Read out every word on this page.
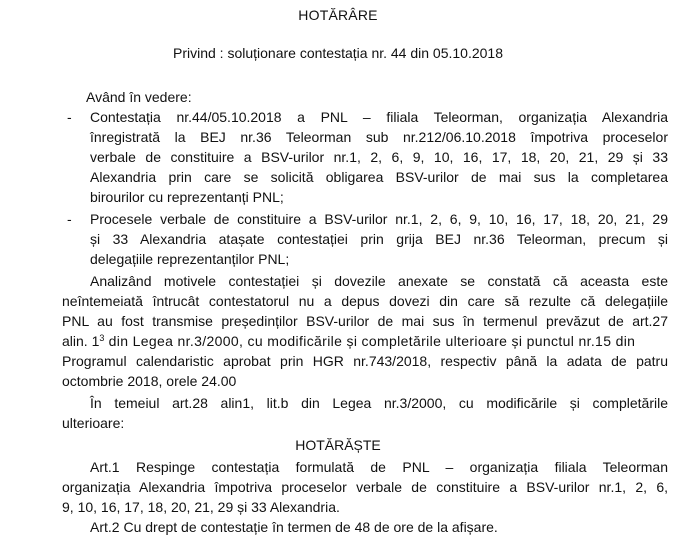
HOTĂRÂRE
Privind : soluționare contestația nr. 44 din 05.10.2018
Având în vedere:
- Contestația nr.44/05.10.2018 a PNL – filiala Teleorman, organizația Alexandria
înregistrată la BEJ nr.36 Teleorman sub nr.212/06.10.2018 împotriva proceselor
verbale de constituire a BSV-urilor nr.1, 2, 6, 9, 10, 16, 17, 18, 20, 21, 29 și 33
Alexandria prin care se solicită obligarea BSV-urilor de mai sus la completarea
birourilor cu reprezentanți PNL;
- Procesele verbale de constituire a BSV-urilor nr.1, 2, 6, 9, 10, 16, 17, 18, 20, 21, 29
și 33 Alexandria atașate contestației prin grija BEJ nr.36 Teleorman, precum și
delegațiile reprezentanților PNL;
Analizând motivele contestației și dovezile anexate se constată că aceasta este
neîntemeiată întrucât contestatorul nu a depus dovezi din care să rezulte că delegațiile
PNL au fost transmise președinților BSV-urilor de mai sus în termenul prevăzut de art.27
alin. $1^3$ din Legea nr.3/2000, cu modificările și completările ulterioare și punctul nr.15 din
Programul calendaristic aprobat prin HGR nr.743/2018, respectiv până la adata de patru
octombrie 2018, orele 24.00
În temeiul art.28 alin1, lit.b din Legea nr.3/2000, cu modificările și completările
ulterioare:
HOTĂRĂȘTE
Art.1 Respinge contestația formulată de PNL – organizația filiala Teleorman
organizația Alexandria împotriva proceselor verbale de constituire a BSV-urilor nr.1, 2, 6,
9, 10, 16, 17, 18, 20, 21, 29 și 33 Alexandria.
Art.2 Cu drept de contestație în termen de 48 de ore de la afișare.
